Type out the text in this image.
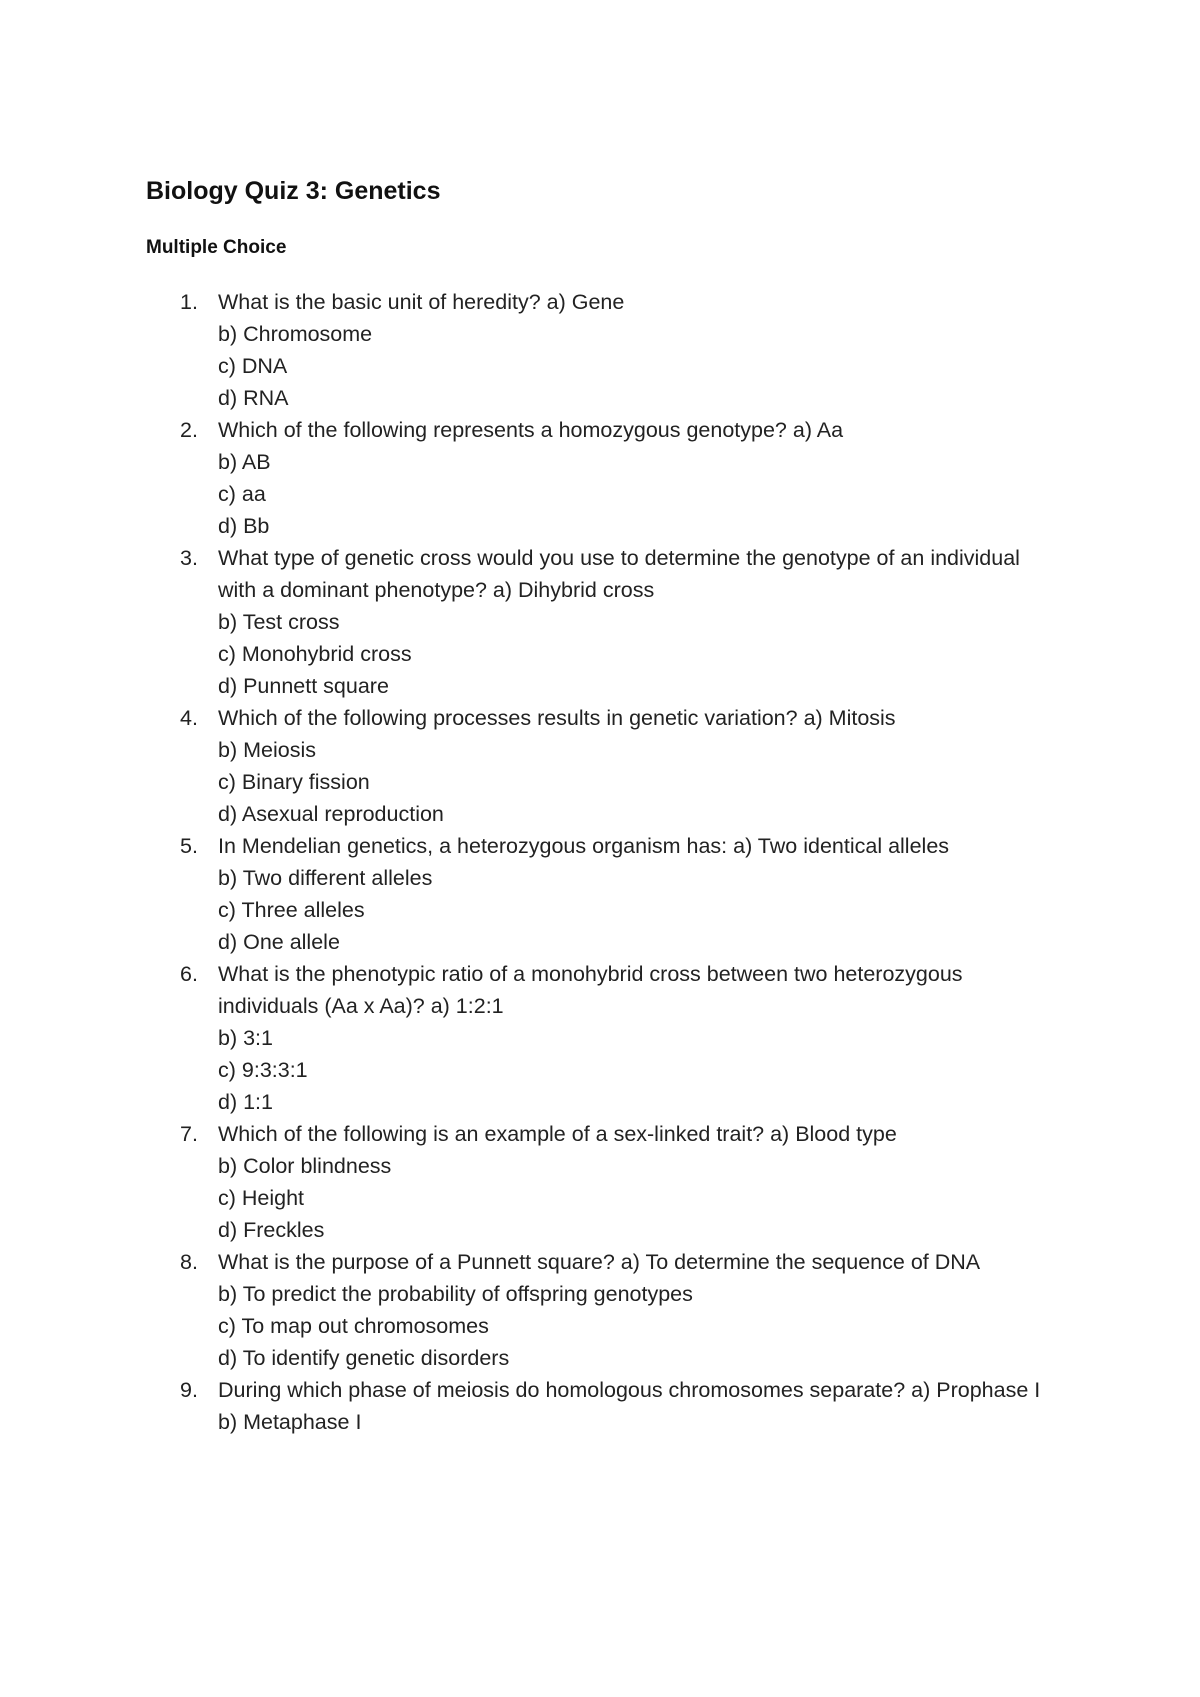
Biology Quiz 3: Genetics
Multiple Choice
1. What is the basic unit of heredity? a) Gene
b) Chromosome
c) DNA
d) RNA
2. Which of the following represents a homozygous genotype? a) Aa
b) AB
c) aa
d) Bb
3. What type of genetic cross would you use to determine the genotype of an individual with a dominant phenotype? a) Dihybrid cross
b) Test cross
c) Monohybrid cross
d) Punnett square
4. Which of the following processes results in genetic variation? a) Mitosis
b) Meiosis
c) Binary fission
d) Asexual reproduction
5. In Mendelian genetics, a heterozygous organism has: a) Two identical alleles
b) Two different alleles
c) Three alleles
d) One allele
6. What is the phenotypic ratio of a monohybrid cross between two heterozygous individuals (Aa x Aa)? a) 1:2:1
b) 3:1
c) 9:3:3:1
d) 1:1
7. Which of the following is an example of a sex-linked trait? a) Blood type
b) Color blindness
c) Height
d) Freckles
8. What is the purpose of a Punnett square? a) To determine the sequence of DNA
b) To predict the probability of offspring genotypes
c) To map out chromosomes
d) To identify genetic disorders
9. During which phase of meiosis do homologous chromosomes separate? a) Prophase I
b) Metaphase I
